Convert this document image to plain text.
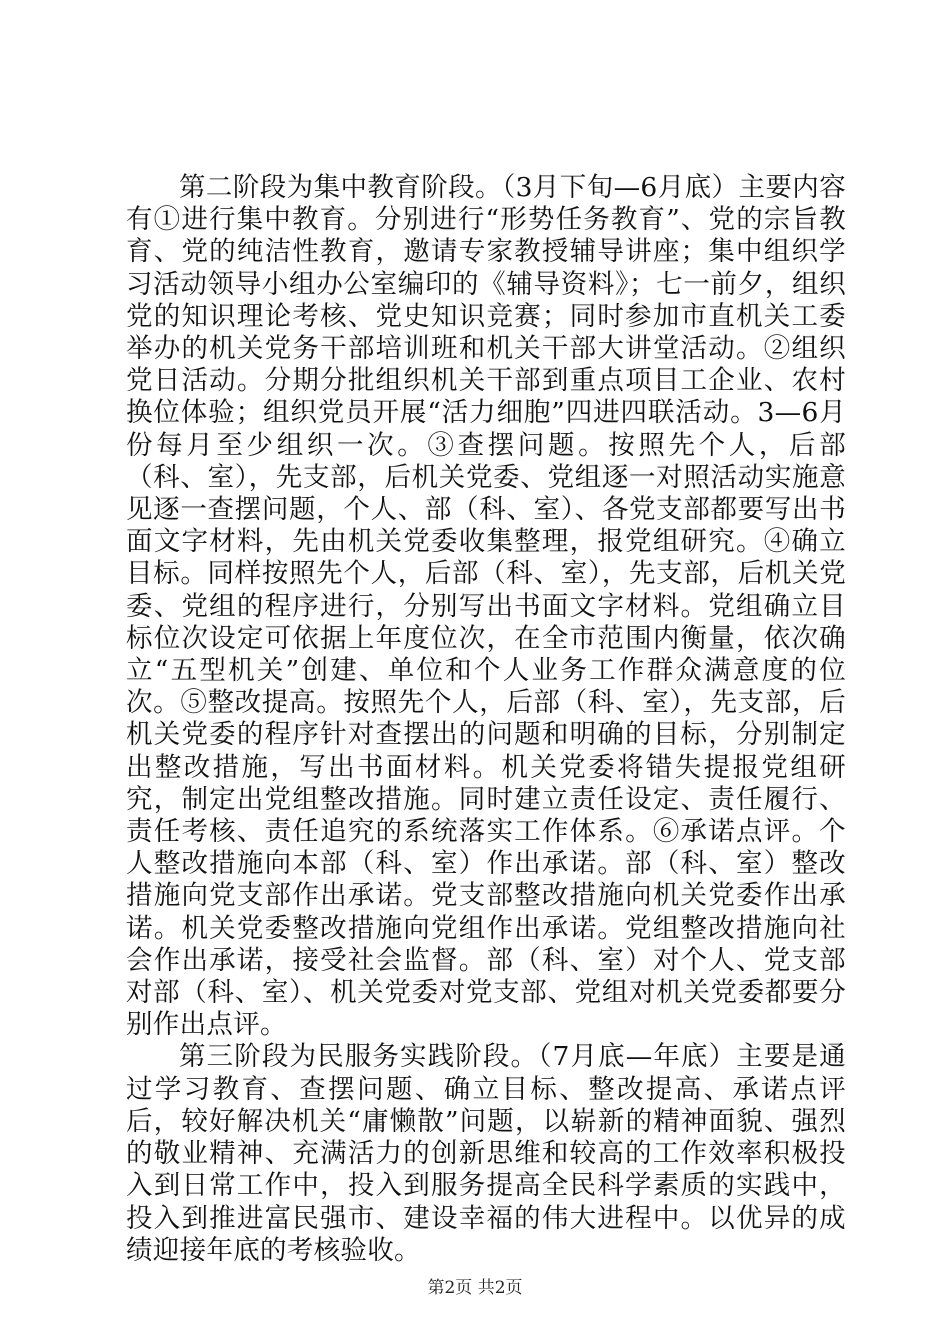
第二阶段为集中教育阶段。（3月下旬—6月底）主要内容有①进行集中教育。分别进行“形势任务教育”、党的宗旨教育、党的纯洁性教育，邀请专家教授辅导讲座；集中组织学习活动领导小组办公室编印的《辅导资料》；七一前夕，组织党的知识理论考核、党史知识竞赛；同时参加市直机关工委举办的机关党务干部培训班和机关干部大讲堂活动。②组织党日活动。分期分批组织机关干部到重点项目工企业、农村换位体验；组织党员开展“活力细胞”四进四联活动。3—6月份每月至少组织一次。③查摆问题。按照先个人，后部（科、室），先支部，后机关党委、党组逐一对照活动实施意见逐一查摆问题，个人、部（科、室）、各党支部都要写出书面文字材料，先由机关党委收集整理，报党组研究。④确立目标。同样按照先个人，后部（科、室），先支部，后机关党委、党组的程序进行，分别写出书面文字材料。党组确立目标位次设定可依据上年度位次，在全市范围内衡量，依次确立“五型机关”创建、单位和个人业务工作群众满意度的位次。⑤整改提高。按照先个人，后部（科、室），先支部，后机关党委的程序针对查摆出的问题和明确的目标，分别制定出整改措施，写出书面材料。机关党委将错失提报党组研究，制定出党组整改措施。同时建立责任设定、责任履行、责任考核、责任追究的系统落实工作体系。⑥承诺点评。个人整改措施向本部（科、室）作出承诺。部（科、室）整改措施向党支部作出承诺。党支部整改措施向机关党委作出承诺。机关党委整改措施向党组作出承诺。党组整改措施向社会作出承诺，接受社会监督。部（科、室）对个人、党支部对部（科、室）、机关党委对党支部、党组对机关党委都要分别作出点评。

第三阶段为民服务实践阶段。（7月底—年底）主要是通过学习教育、查摆问题、确立目标、整改提高、承诺点评后，较好解决机关“庸懒散”问题，以崭新的精神面貌、强烈的敬业精神、充满活力的创新思维和较高的工作效率积极投入到日常工作中，投入到服务提高全民科学素质的实践中，投入到推进富民强市、建设幸福的伟大进程中。以优异的成绩迎接年底的考核验收。

第2页 共2页
